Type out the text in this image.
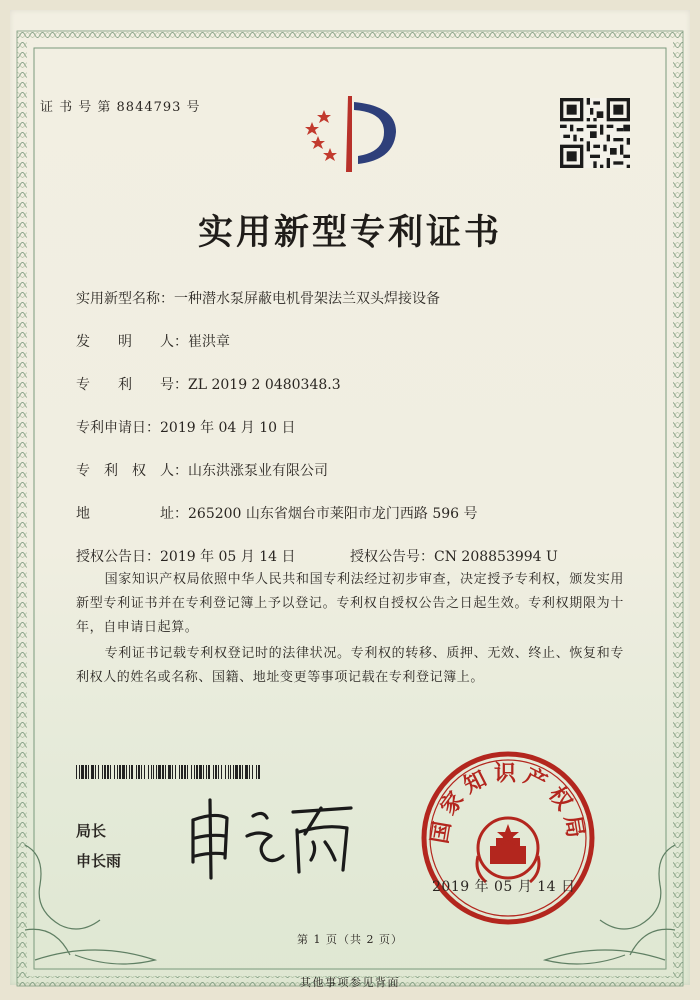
证 书 号 第 8844793 号
实用新型专利证书
实用新型名称：一种潜水泵屏蔽电机骨架法兰双头焊接设备
发　　明　　人：崔洪章
专　　利　　号：ZL 2019 2 0480348.3
专利申请日：2019 年 04 月 10 日
专　利　权　人：山东洪涨泵业有限公司
地　　　　　址：265200 山东省烟台市莱阳市龙门西路 596 号
授权公告日：2019 年 05 月 14 日	授权公告号：CN 208853994 U

国家知识产权局依照中华人民共和国专利法经过初步审查，决定授予专利权，颁发实用新型专利证书并在专利登记簿上予以登记。专利权自授权公告之日起生效。专利权期限为十年，自申请日起算。

专利证书记载专利权登记时的法律状况。专利权的转移、质押、无效、终止、恢复和专利权人的姓名或名称、国籍、地址变更等事项记载在专利登记簿上。

局长
申长雨
国家知识产权局
2019 年 05 月 14 日
第 1 页（共 2 页）
其他事项参见背面
